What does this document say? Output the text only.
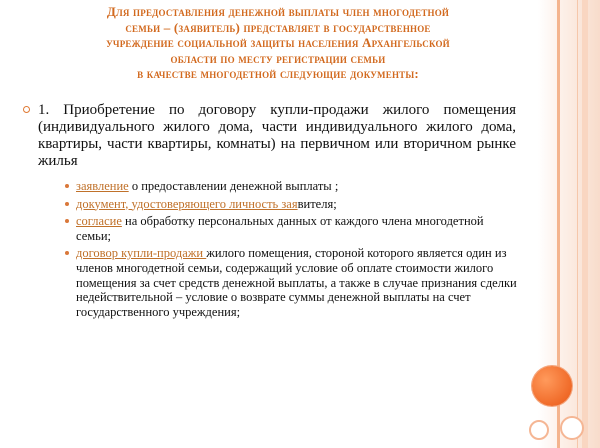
Для предоставления денежной выплаты член многодетной
семьи – (заявитель) представляет в государственное
учреждение социальной защиты населения Архангельской
области по месту регистрации семьи
в качестве многодетной следующие документы:
1. Приобретение по договору купли-продажи жилого помещения (индивидуального жилого дома, части индивидуального жилого дома, квартиры, части квартиры, комнаты) на первичном или вторичном рынке жилья
заявление о предоставлении денежной выплаты ;
документ, удостоверяющего личность заявителя;
согласие на обработку персональных данных от каждого члена многодетной семьи;
договор купли-продажи жилого помещения, стороной которого является один из членов многодетной семьи, содержащий условие об оплате стоимости жилого помещения за счет средств денежной выплаты, а также в случае признания сделки недействительной – условие о возврате суммы денежной выплаты на счет государственного учреждения;
